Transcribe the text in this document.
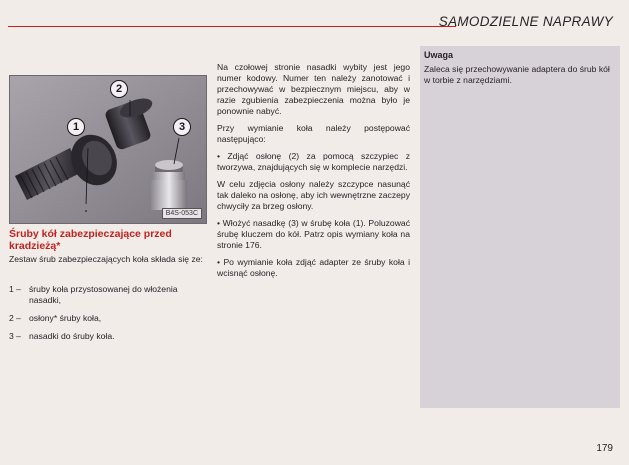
SAMODZIELNE NAPRAWY
1
2
3
B4S-053C
Śruby kół zabezpieczające przed kradzieżą*
Zestaw śrub zabezpieczających koła składa się ze:
1 – śruby koła przystosowanej do włożenia nasadki,
2 – osłony* śruby koła,
3 – nasadki do śruby koła.

Na czołowej stronie nasadki wybity jest jego numer kodowy. Numer ten należy zanotować i przechowywać w bezpiecznym miejscu, aby w razie zgubienia zabezpieczenia można było je ponownie nabyć.

Przy wymianie koła należy postępować następująco:

• Zdjąć osłonę (2) za pomocą szczypiec z tworzywa, znajdujących się w komplecie narzędzi.

W celu zdjęcia osłony należy szczypce nasunąć tak daleko na osłonę, aby ich wewnętrzne zaczepy chwyciły za brzeg osłony.

• Włożyć nasadkę (3) w śrubę koła (1). Poluzować śrubę kluczem do kół. Patrz opis wymiany koła na stronie 176.

• Po wymianie koła zdjąć adapter ze śruby koła i wcisnąć osłonę.

Uwaga
Zaleca się przechowywanie adaptera do śrub kół w torbie z narzędziami.
179
